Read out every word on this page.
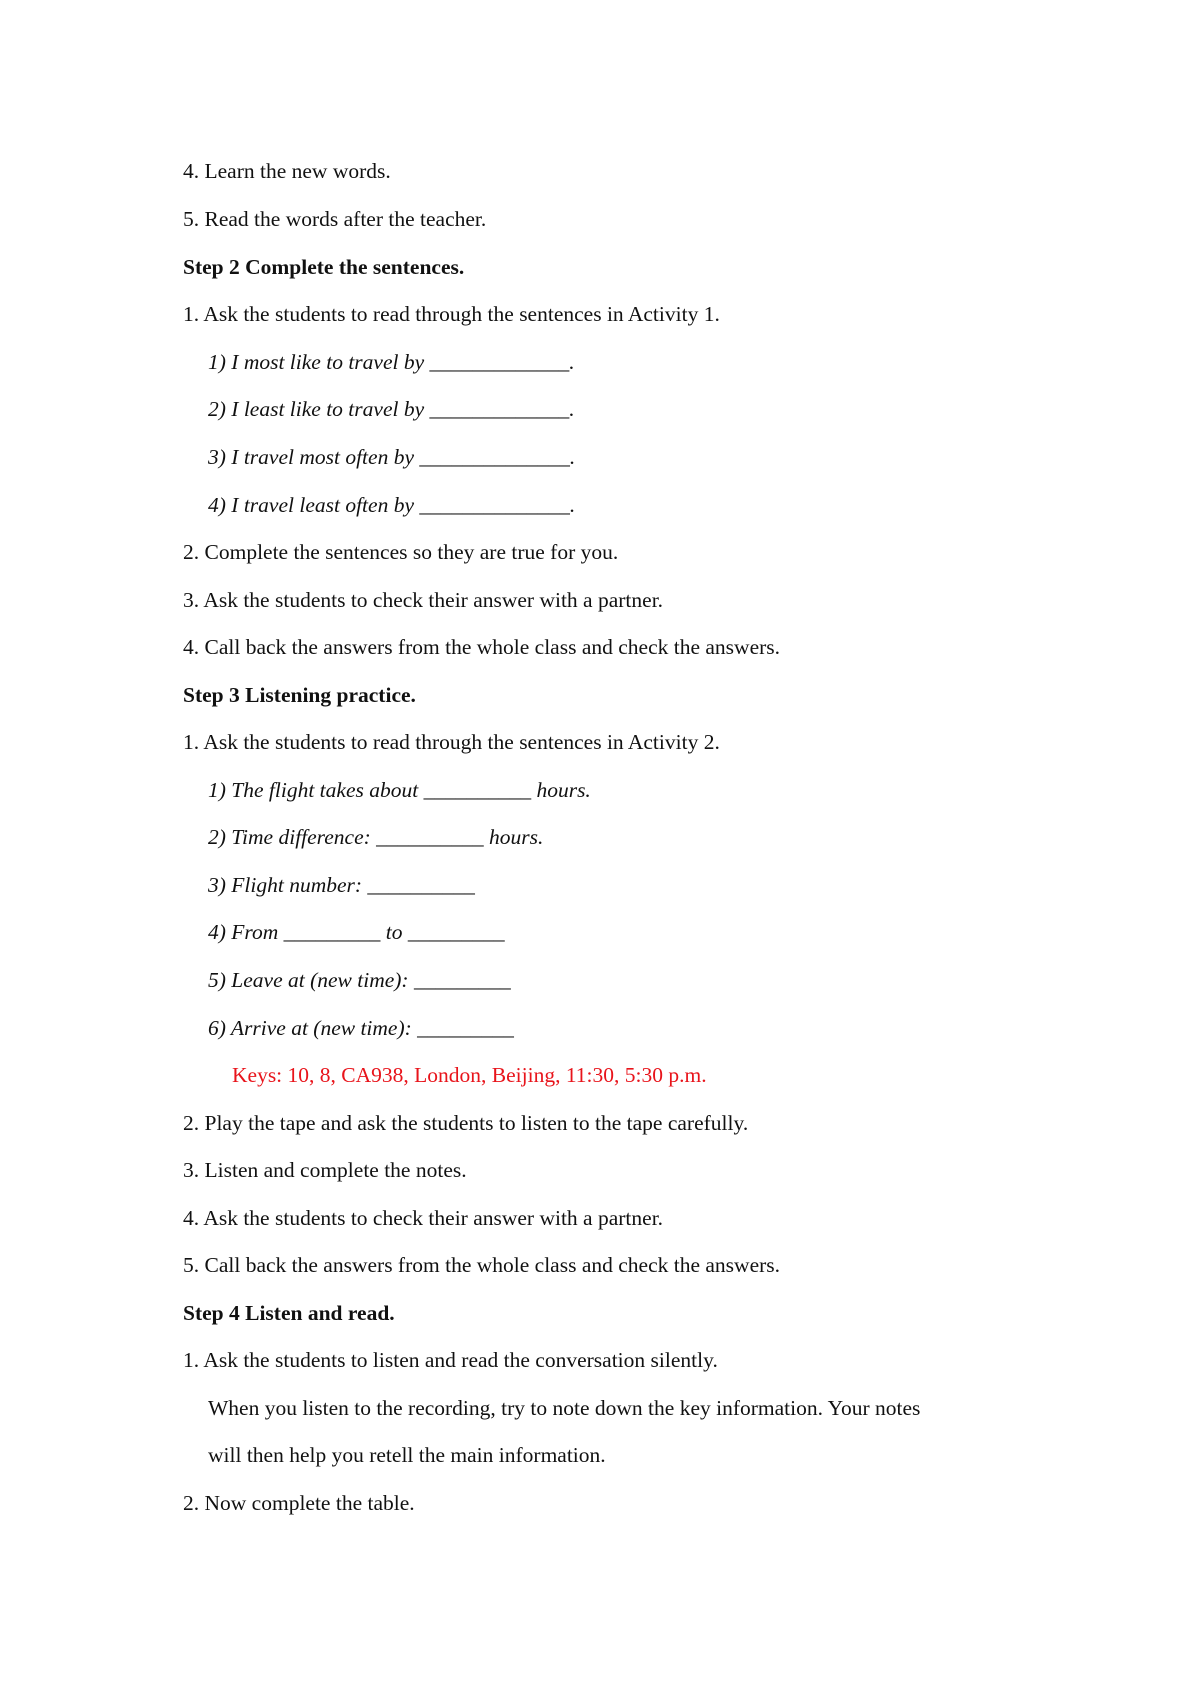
4. Learn the new words.
5. Read the words after the teacher.
Step 2 Complete the sentences.
1. Ask the students to read through the sentences in Activity 1.
1) I most like to travel by _____________.
2) I least like to travel by _____________.
3) I travel most often by ______________.
4) I travel least often by ______________.
2. Complete the sentences so they are true for you.
3. Ask the students to check their answer with a partner.
4. Call back the answers from the whole class and check the answers.
Step 3 Listening practice.
1. Ask the students to read through the sentences in Activity 2.
1) The flight takes about __________ hours.
2) Time difference: __________ hours.
3) Flight number: __________
4) From _________ to _________
5) Leave at (new time): _________
6) Arrive at (new time): _________
Keys: 10, 8, CA938, London, Beijing, 11:30, 5:30 p.m.
2. Play the tape and ask the students to listen to the tape carefully.
3. Listen and complete the notes.
4. Ask the students to check their answer with a partner.
5. Call back the answers from the whole class and check the answers.
Step 4 Listen and read.
1. Ask the students to listen and read the conversation silently.
When you listen to the recording, try to note down the key information. Your notes
will then help you retell the main information.
2. Now complete the table.
